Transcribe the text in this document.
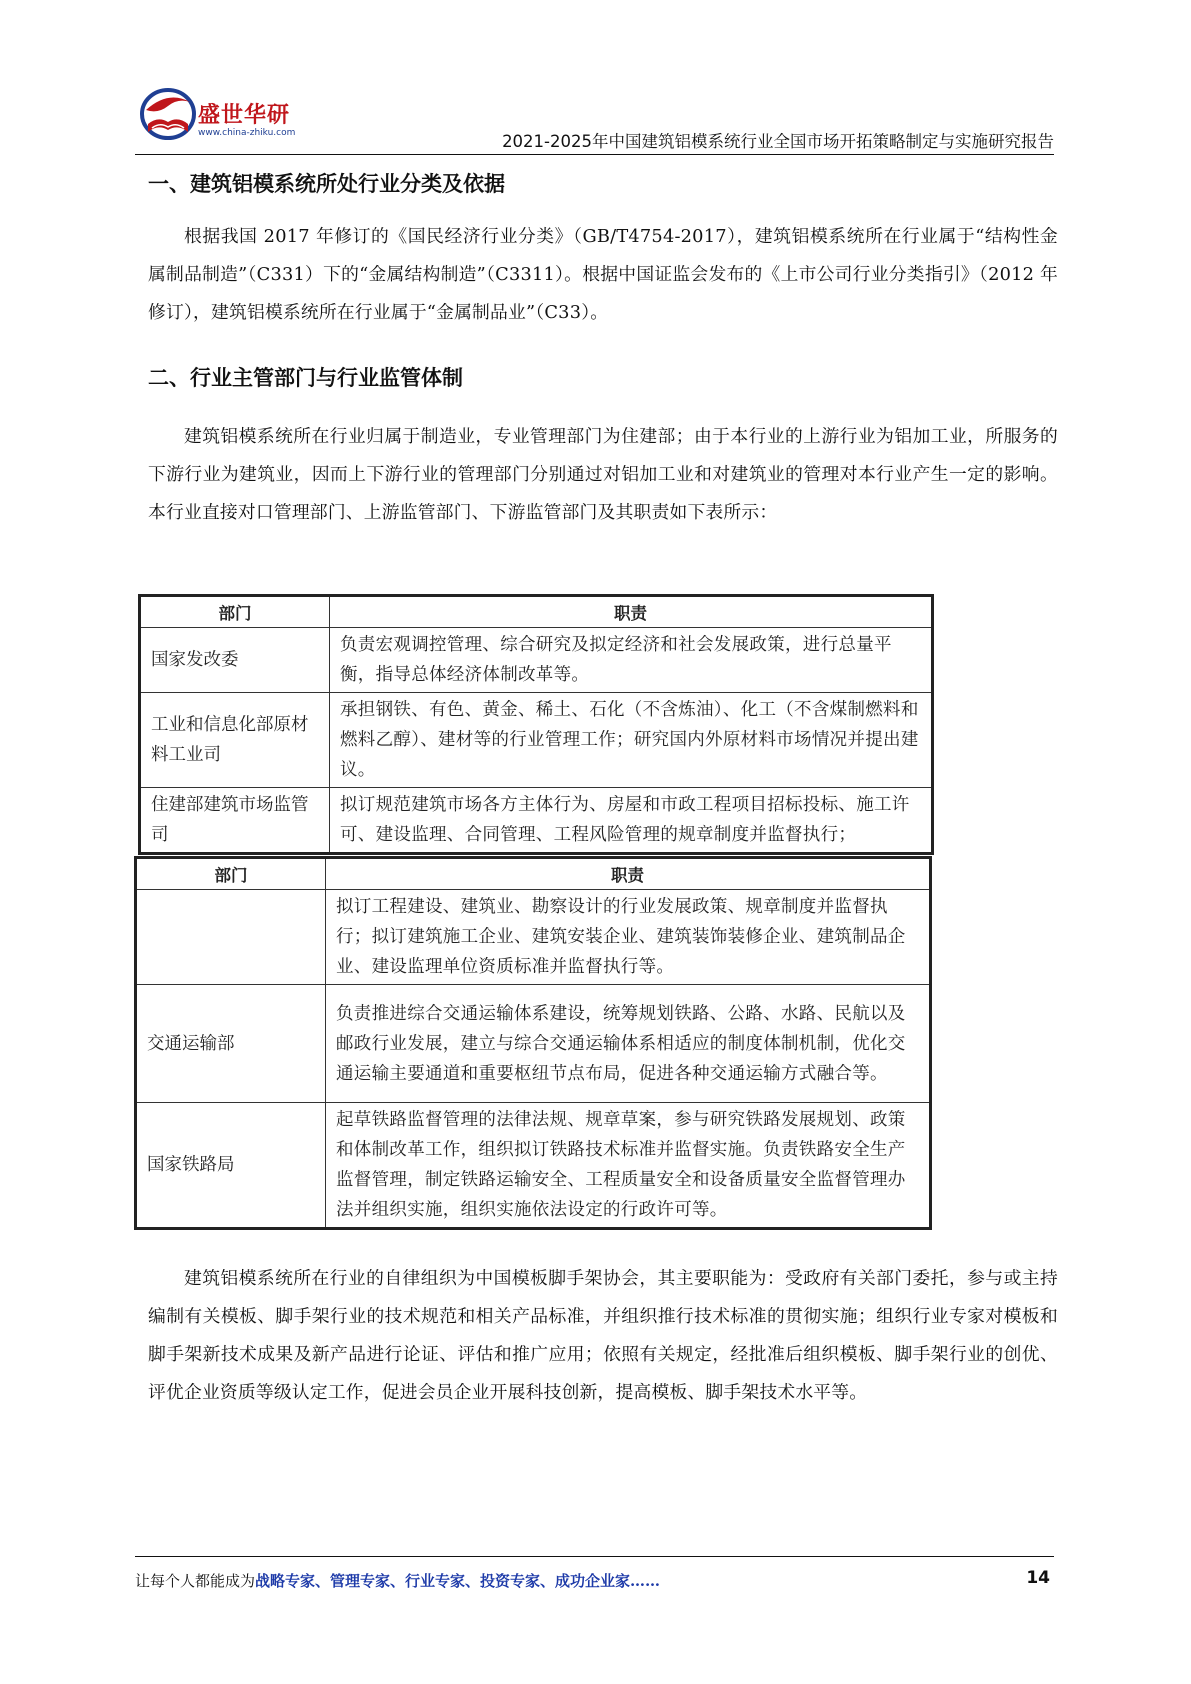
盛世华研
www.china-zhiku.com	2021-2025年中国建筑铝模系统行业全国市场开拓策略制定与实施研究报告
一、建筑铝模系统所处行业分类及依据

根据我国 2017 年修订的《国民经济行业分类》（GB/T4754-2017），建筑铝模系统所在行业属于“结构性金属制品制造”（C331）下的“金属结构制造”（C3311）。根据中国证监会发布的《上市公司行业分类指引》（2012 年修订），建筑铝模系统所在行业属于“金属制品业”（C33）。

二、行业主管部门与行业监管体制

建筑铝模系统所在行业归属于制造业，专业管理部门为住建部；由于本行业的上游行业为铝加工业，所服务的下游行业为建筑业，因而上下游行业的管理部门分别通过对铝加工业和对建筑业的管理对本行业产生一定的影响。本行业直接对口管理部门、上游监管部门、下游监管部门及其职责如下表所示：

部门	职责
国家发改委	负责宏观调控管理、综合研究及拟定经济和社会发展政策，进行总量平衡，指导总体经济体制改革等。
工业和信息化部原材料工业司	承担钢铁、有色、黄金、稀土、石化（不含炼油）、化工（不含煤制燃料和燃料乙醇）、建材等的行业管理工作；研究国内外原材料市场情况并提出建议。
住建部建筑市场监管司	拟订规范建筑市场各方主体行为、房屋和市政工程项目招标投标、施工许可、建设监理、合同管理、工程风险管理的规章制度并监督执行；
部门	职责
	拟订工程建设、建筑业、勘察设计的行业发展政策、规章制度并监督执行；拟订建筑施工企业、建筑安装企业、建筑装饰装修企业、建筑制品企业、建设监理单位资质标准并监督执行等。
交通运输部	负责推进综合交通运输体系建设，统筹规划铁路、公路、水路、民航以及邮政行业发展，建立与综合交通运输体系相适应的制度体制机制，优化交通运输主要通道和重要枢纽节点布局，促进各种交通运输方式融合等。
国家铁路局	起草铁路监督管理的法律法规、规章草案，参与研究铁路发展规划、政策和体制改革工作，组织拟订铁路技术标准并监督实施。负责铁路安全生产监督管理，制定铁路运输安全、工程质量安全和设备质量安全监督管理办法并组织实施，组织实施依法设定的行政许可等。

建筑铝模系统所在行业的自律组织为中国模板脚手架协会，其主要职能为：受政府有关部门委托，参与或主持编制有关模板、脚手架行业的技术规范和相关产品标准，并组织推行技术标准的贯彻实施；组织行业专家对模板和脚手架新技术成果及新产品进行论证、评估和推广应用；依照有关规定，经批准后组织模板、脚手架行业的创优、评优企业资质等级认定工作，促进会员企业开展科技创新，提高模板、脚手架技术水平等。

让每个人都能成为战略专家、管理专家、行业专家、投资专家、成功企业家……	14
